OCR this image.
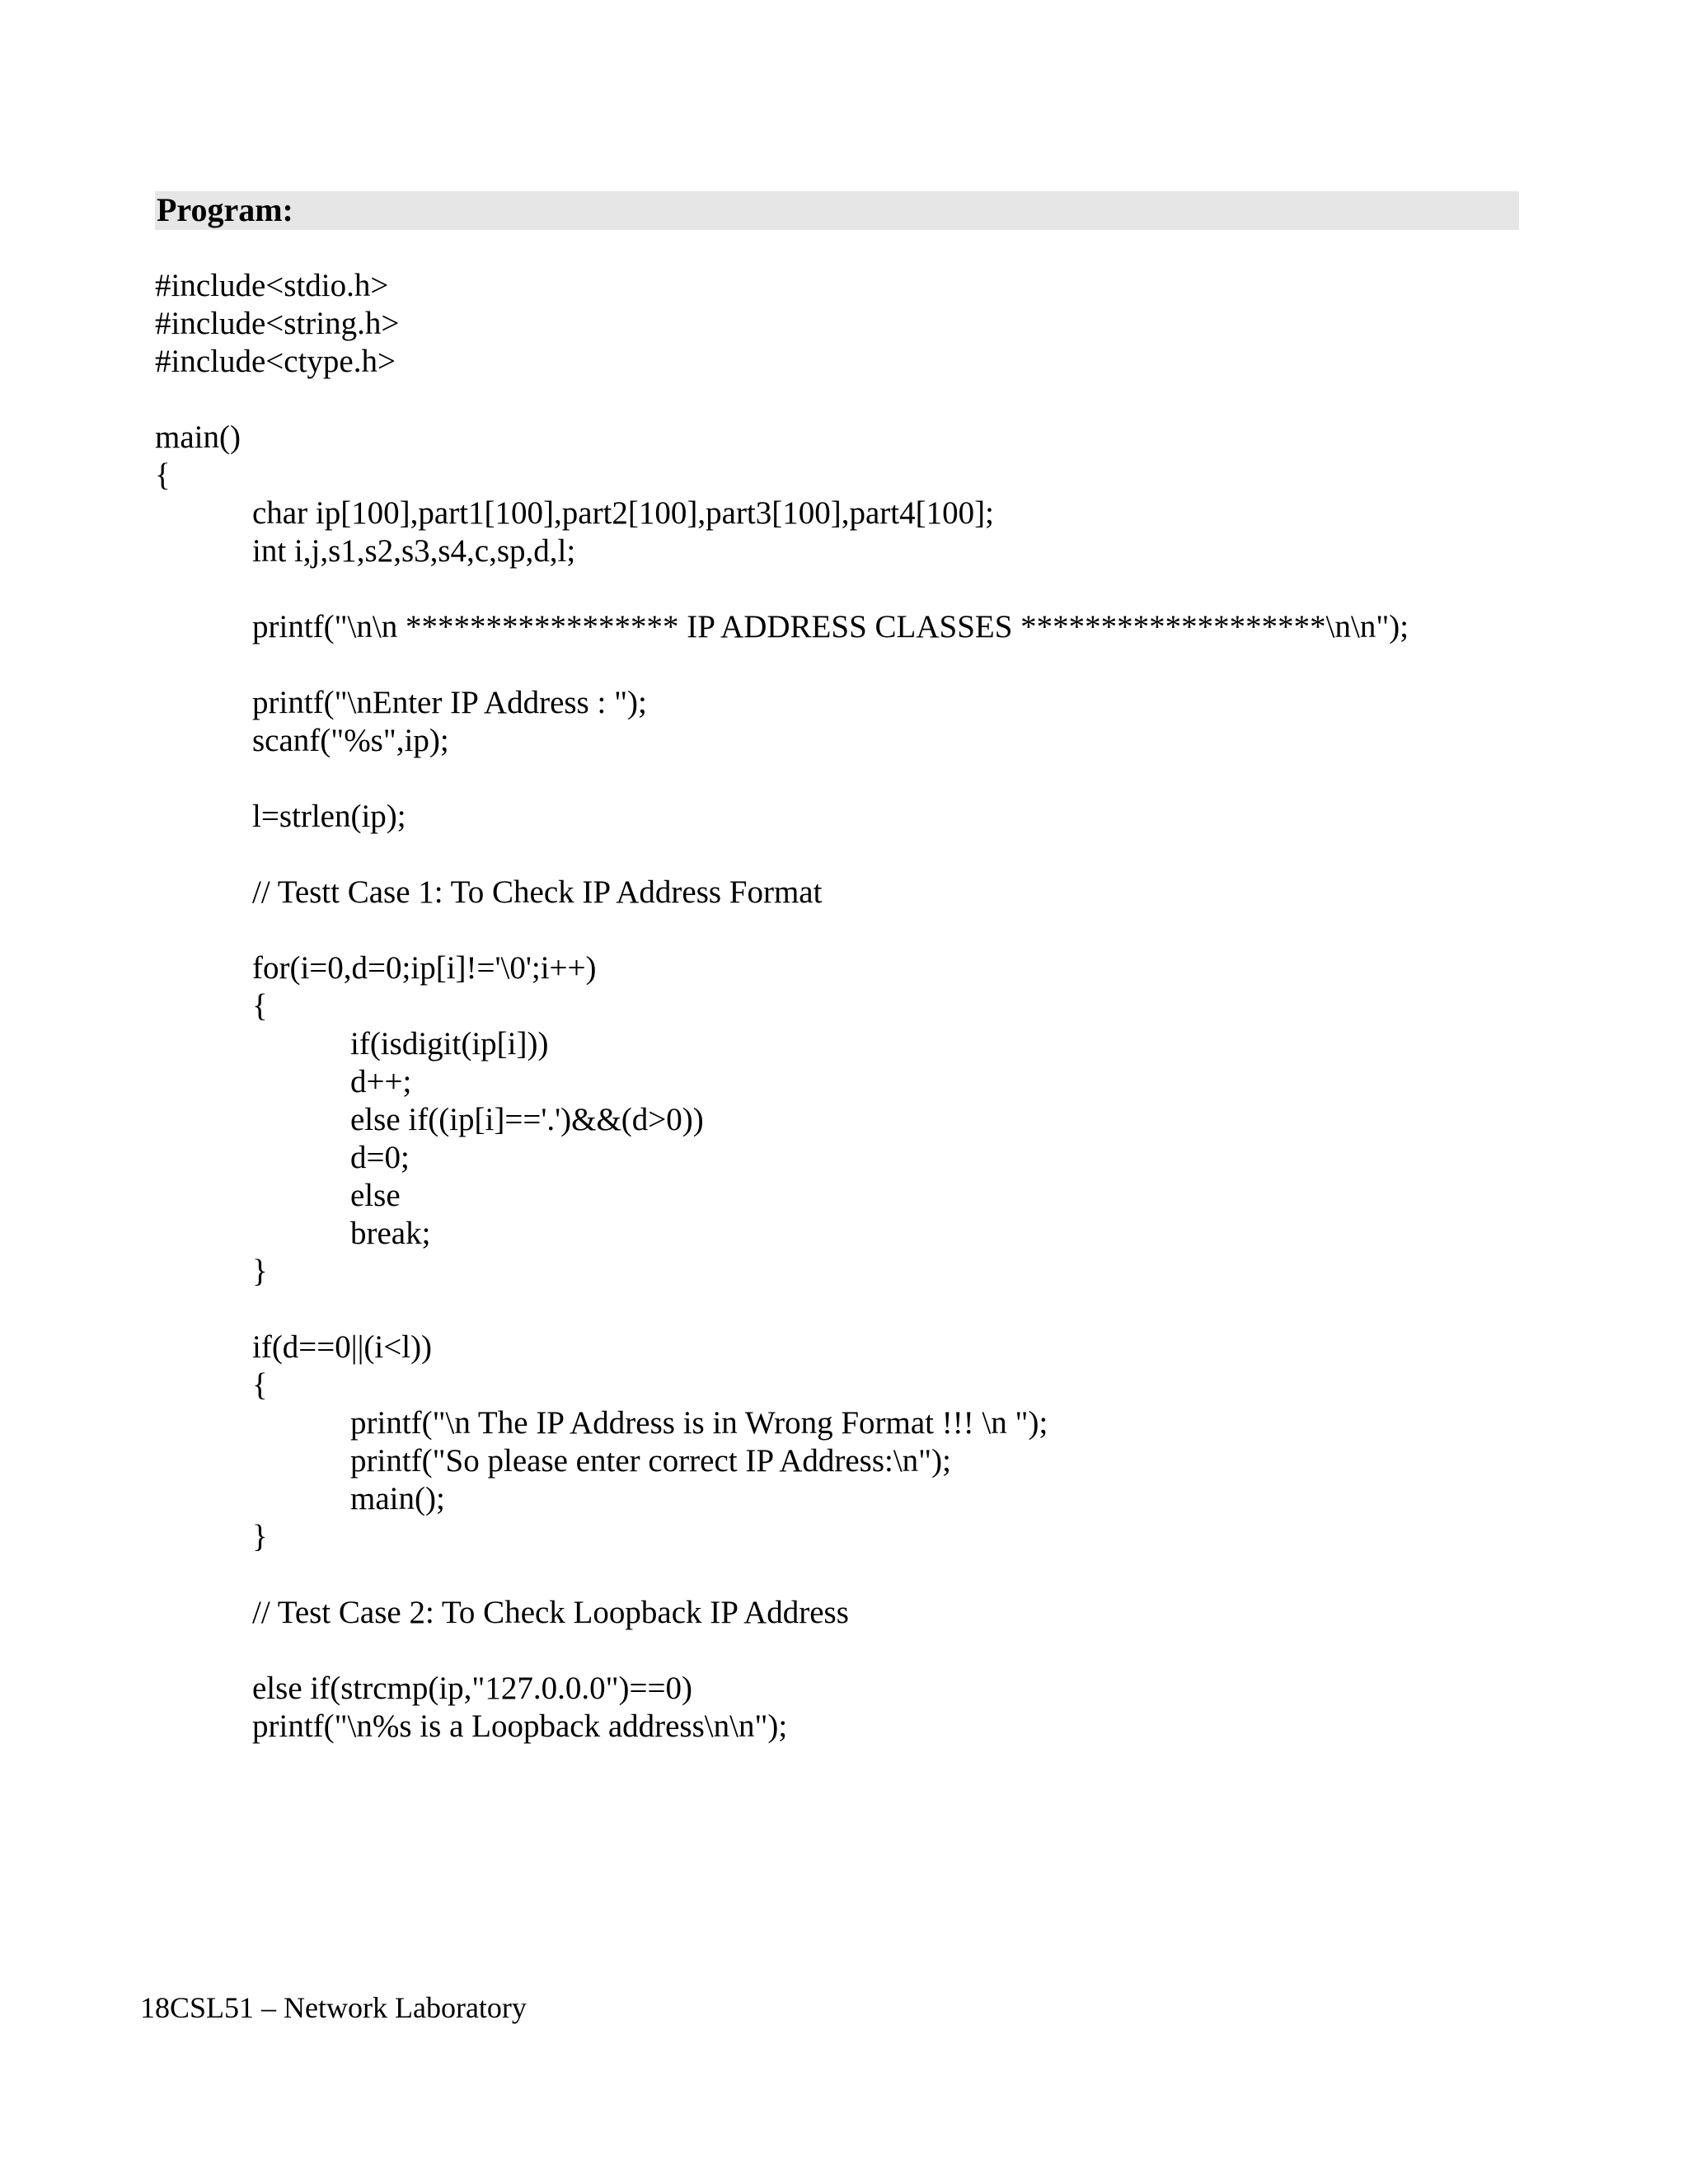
Program:
#include<stdio.h>
#include<string.h>
#include<ctype.h>
main()
{
char ip[100],part1[100],part2[100],part3[100],part4[100];
int i,j,s1,s2,s3,s4,c,sp,d,l;
printf("\n\n ***************** IP ADDRESS CLASSES *******************\n\n");
printf("\nEnter IP Address : ");
scanf("%s",ip);
l=strlen(ip);
// Testt Case 1: To Check IP Address Format
for(i=0,d=0;ip[i]!='\0';i++)
{
if(isdigit(ip[i]))
d++;
else if((ip[i]=='.')&&(d>0))
d=0;
else
break;
}
if(d==0||(i<l))
{
printf("\n The IP Address is in Wrong Format !!! \n ");
printf("So please enter correct IP Address:\n");
main();
}
// Test Case 2: To Check Loopback IP Address
else if(strcmp(ip,"127.0.0.0")==0)
printf("\n%s is a Loopback address\n\n");
18CSL51 – Network Laboratory
